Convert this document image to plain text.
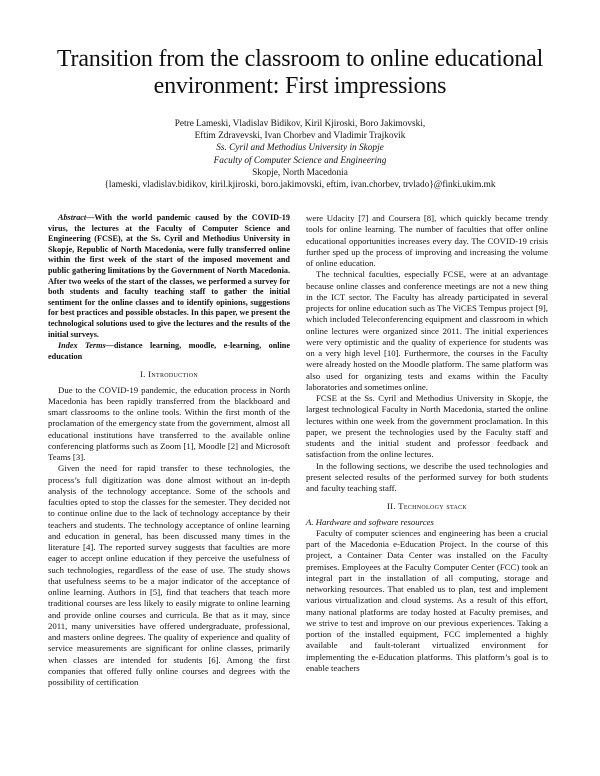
Transition from the classroom to online educational
environment: First impressions
Petre Lameski, Vladislav Bidikov, Kiril Kjiroski, Boro Jakimovski,
Eftim Zdravevski, Ivan Chorbev and Vladimir Trajkovik
Ss. Cyril and Methodius University in Skopje
Faculty of Computer Science and Engineering
Skopje, North Macedonia
{lameski, vladislav.bidikov, kiril.kjiroski, boro.jakimovski, eftim, ivan.chorbev, trvlado}@finki.ukim.mk

Abstract—With the world pandemic caused by the COVID-19 virus, the lectures at the Faculty of Computer Science and Engineering (FCSE), at the Ss. Cyril and Methodius University in Skopje, Republic of North Macedonia, were fully transferred online within the first week of the start of the imposed movement and public gathering limitations by the Government of North Macedonia. After two weeks of the start of the classes, we performed a survey for both students and faculty teaching staff to gather the initial sentiment for the online classes and to identify opinions, suggestions for best practices and possible obstacles. In this paper, we present the technological solutions used to give the lectures and the results of the initial surveys.

Index Terms—distance learning, moodle, e-learning, online education

I. Introduction

Due to the COVID-19 pandemic, the education process in North Macedonia has been rapidly transferred from the blackboard and smart classrooms to the online tools. Within the first month of the proclamation of the emergency state from the government, almost all educational institutions have transferred to the available online conferencing platforms such as Zoom [1], Moodle [2] and Microsoft Teams [3].

Given the need for rapid transfer to these technologies, the process’s full digitization was done almost without an in-depth analysis of the technology acceptance. Some of the schools and faculties opted to stop the classes for the semester. They decided not to continue online due to the lack of technology acceptance by their teachers and students. The technology acceptance of online learning and education in general, has been discussed many times in the literature [4]. The reported survey suggests that faculties are more eager to accept online education if they perceive the usefulness of such technologies, regardless of the ease of use. The study shows that usefulness seems to be a major indicator of the acceptance of online learning. Authors in [5], find that teachers that teach more traditional courses are less likely to easily migrate to online learning and provide online courses and curricula. Be that as it may, since 2011, many universities have offered undergraduate, professional, and masters online degrees. The quality of experience and quality of service measurements are significant for online classes, primarily when classes are intended for students [6]. Among the first companies that offered fully online courses and degrees with the possibility of certification

were Udacity [7] and Coursera [8], which quickly became trendy tools for online learning. The number of faculties that offer online educational opportunities increases every day. The COVID-19 crisis further sped up the process of improving and increasing the volume of online education.

The technical faculties, especially FCSE, were at an advantage because online classes and conference meetings are not a new thing in the ICT sector. The Faculty has already participated in several projects for online education such as The ViCES Tempus project [9], which included Teleconferencing equipment and classroom in which online lectures were organized since 2011. The initial experiences were very optimistic and the quality of experience for students was on a very high level [10]. Furthermore, the courses in the Faculty were already hosted on the Moodle platform. The same platform was also used for organizing tests and exams within the Faculty laboratories and sometimes online.

FCSE at the Ss. Cyril and Methodius University in Skopje, the largest technological Faculty in North Macedonia, started the online lectures within one week from the government proclamation. In this paper, we present the technologies used by the Faculty staff and students and the initial student and professor feedback and satisfaction from the online lectures.

In the following sections, we describe the used technologies and present selected results of the performed survey for both students and faculty teaching staff.

II. Technology stack

A. Hardware and software resources

Faculty of computer sciences and engineering has been a crucial part of the Macedonia e-Education Project. In the course of this project, a Container Data Center was installed on the Faculty premises. Employees at the Faculty Computer Center (FCC) took an integral part in the installation of all computing, storage and networking resources. That enabled us to plan, test and implement various virtualization and cloud systems. As a result of this effort, many national platforms are today hosted at Faculty premises, and we strive to test and improve on our previous experiences. Taking a portion of the installed equipment, FCC implemented a highly available and fault-tolerant virtualized environment for implementing the e-Education platforms. This platform’s goal is to enable teachers
